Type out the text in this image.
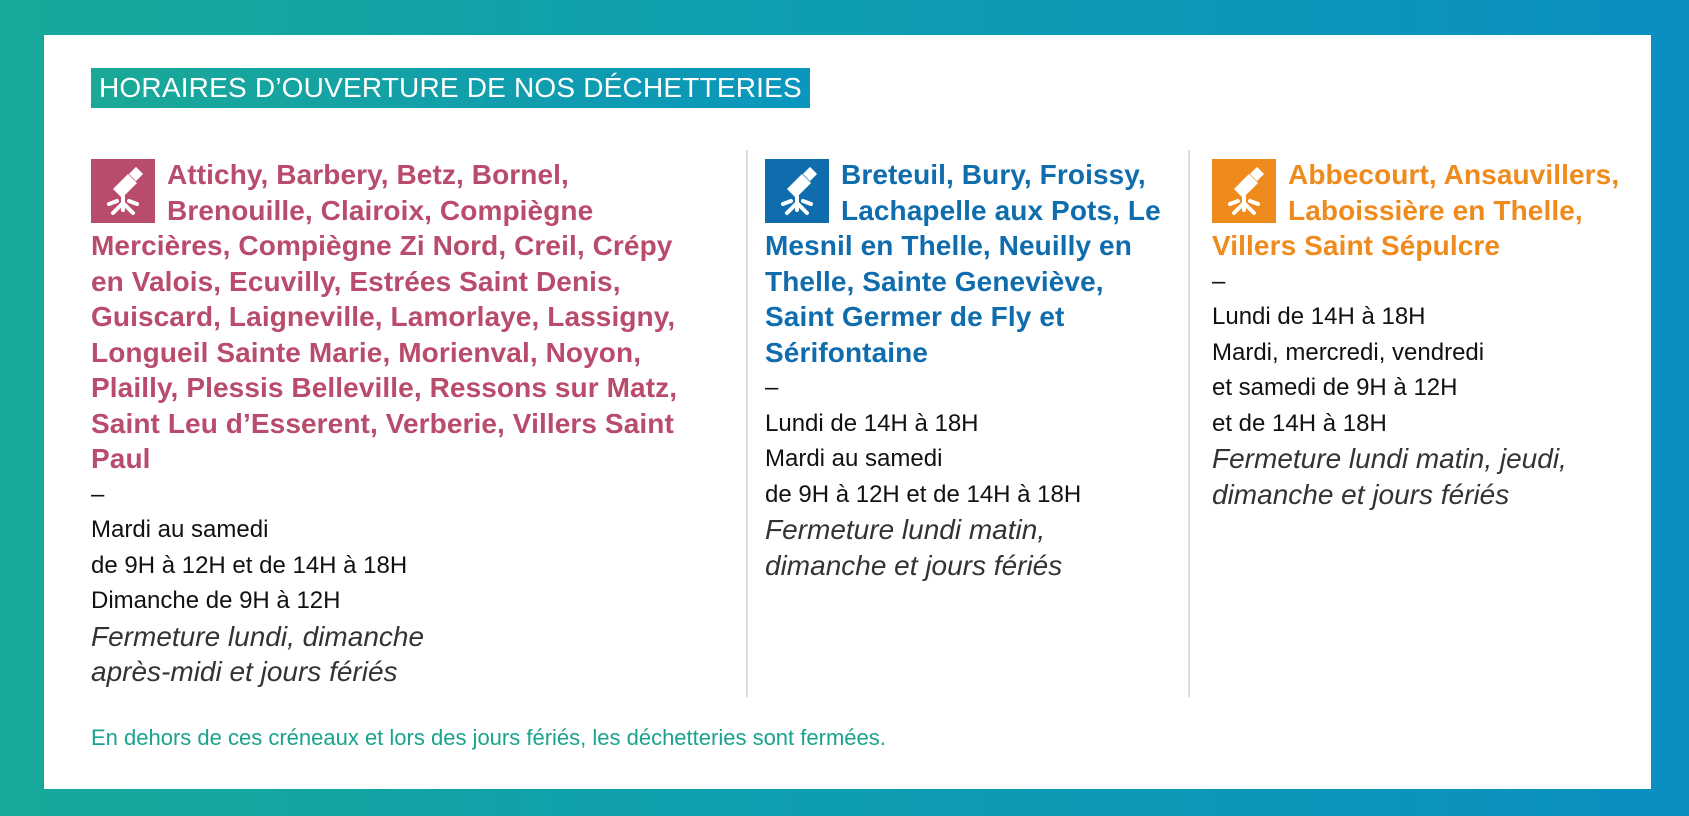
HORAIRES D’OUVERTURE DE NOS DÉCHETTERIES
Attichy, Barbery, Betz, Bornel, Brenouille, Clairoix, Compiègne Mercières, Compiègne Zi Nord, Creil, Crépy en Valois, Ecuvilly, Estrées Saint Denis, Guiscard, Laigneville, Lamorlaye, Lassigny, Longueil Sainte Marie, Morienval, Noyon, Plailly, Plessis Belleville, Ressons sur Matz, Saint Leu d’Esserent, Verberie, Villers Saint Paul
–
Mardi au samedi
de 9H à 12H et de 14H à 18H
Dimanche de 9H à 12H
Fermeture lundi, dimanche après-midi et jours fériés
Breteuil, Bury, Froissy, Lachapelle aux Pots, Le Mesnil en Thelle, Neuilly en Thelle, Sainte Geneviève, Saint Germer de Fly et Sérifontaine
–
Lundi de 14H à 18H
Mardi au samedi
de 9H à 12H et de 14H à 18H
Fermeture lundi matin, dimanche et jours fériés
Abbecourt, Ansauvillers, Laboissière en Thelle, Villers Saint Sépulcre
–
Lundi de 14H à 18H
Mardi, mercredi, vendredi
et samedi de 9H à 12H
et de 14H à 18H
Fermeture lundi matin, jeudi, dimanche et jours fériés
En dehors de ces créneaux et lors des jours fériés, les déchetteries sont fermées.
